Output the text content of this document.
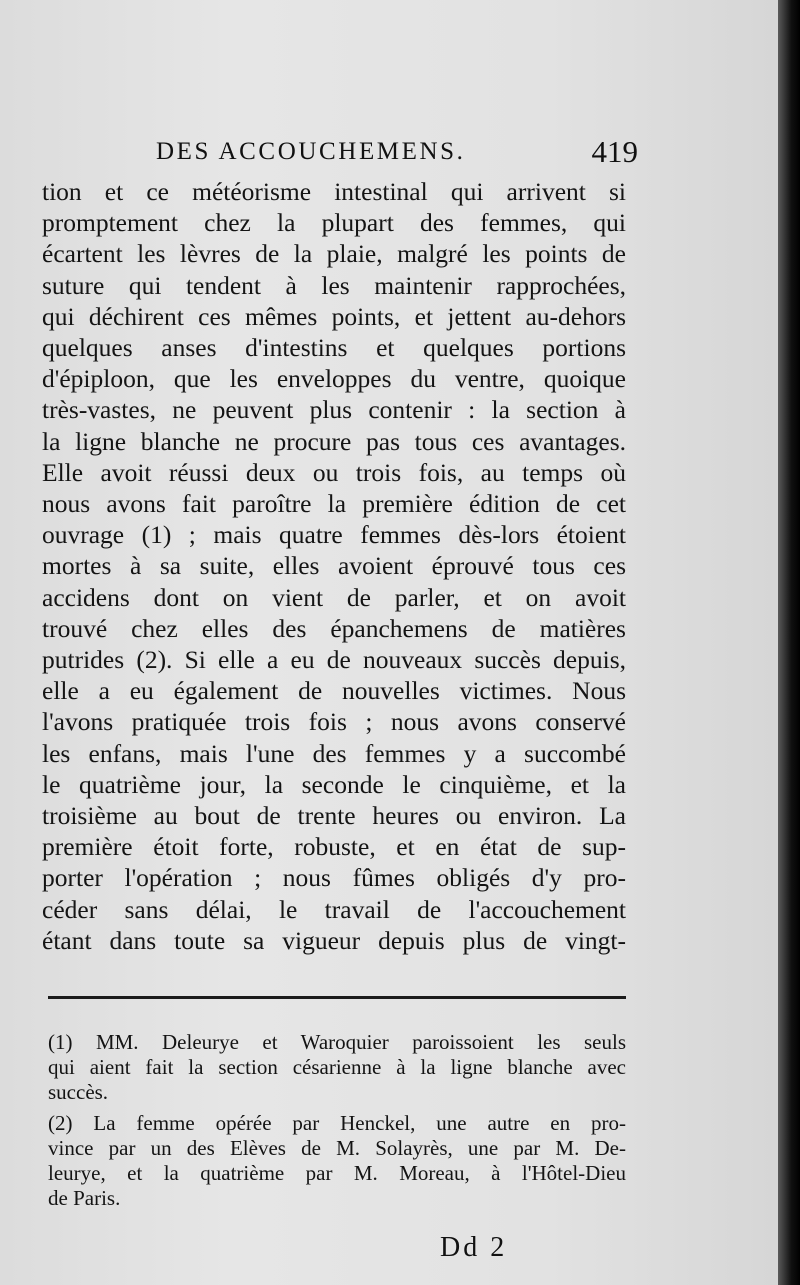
DES ACCOUCHEMENS.	419
tion et ce météorisme intestinal qui arrivent si
promptement chez la plupart des femmes, qui
écartent les lèvres de la plaie, malgré les points de
suture qui tendent à les maintenir rapprochées,
qui déchirent ces mêmes points, et jettent au-dehors
quelques anses d'intestins et quelques portions
d'épiploon, que les enveloppes du ventre, quoique
très-vastes, ne peuvent plus contenir : la section à
la ligne blanche ne procure pas tous ces avantages.
Elle avoit réussi deux ou trois fois, au temps où
nous avons fait paroître la première édition de cet
ouvrage (1) ; mais quatre femmes dès-lors étoient
mortes à sa suite, elles avoient éprouvé tous ces
accidens dont on vient de parler, et on avoit
trouvé chez elles des épanchemens de matières
putrides (2). Si elle a eu de nouveaux succès depuis,
elle a eu également de nouvelles victimes. Nous
l'avons pratiquée trois fois ; nous avons conservé
les enfans, mais l'une des femmes y a succombé
le quatrième jour, la seconde le cinquième, et la
troisième au bout de trente heures ou environ. La
première étoit forte, robuste, et en état de sup-
porter l'opération ; nous fûmes obligés d'y pro-
céder sans délai, le travail de l'accouchement
étant dans toute sa vigueur depuis plus de vingt-
(1) MM. Deleurye et Waroquier paroissoient les seuls
qui aient fait la section césarienne à la ligne blanche avec
succès.
(2) La femme opérée par Henckel, une autre en pro-
vince par un des Elèves de M. Solayrès, une par M. De-
leurye, et la quatrième par M. Moreau, à l'Hôtel-Dieu
de Paris.
Dd 2
